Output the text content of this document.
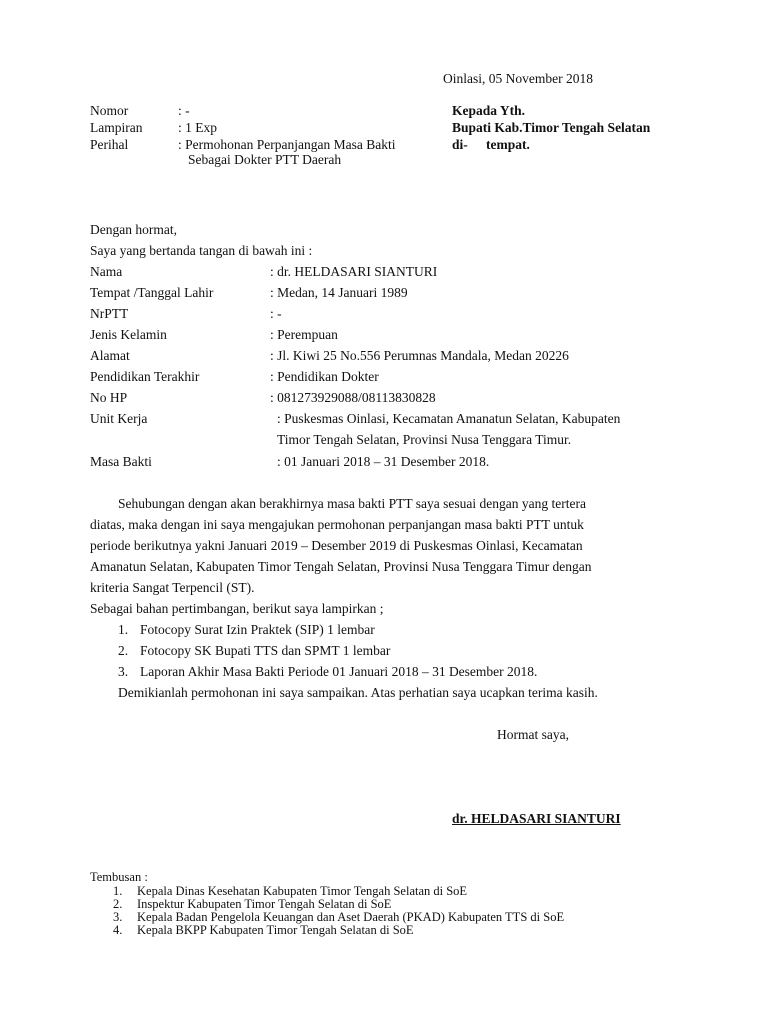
Oinlasi, 05 November 2018
Nomor	: -
Lampiran	: 1 Exp
Perihal	: Permohonan Perpanjangan Masa Bakti
Sebagai Dokter PTT Daerah
Kepada Yth.
Bupati Kab.Timor Tengah Selatan
di- tempat.
Dengan hormat,
Saya yang bertanda tangan di bawah ini :
Nama	: dr. HELDASARI SIANTURI
Tempat /Tanggal Lahir	: Medan, 14 Januari 1989
NrPTT	: -
Jenis Kelamin	: Perempuan
Alamat	: Jl. Kiwi 25 No.556 Perumnas Mandala, Medan 20226
Pendidikan Terakhir	: Pendidikan Dokter
No HP	: 081273929088/08113830828
Unit Kerja	: Puskesmas Oinlasi, Kecamatan Amanatun Selatan, Kabupaten
Timor Tengah Selatan, Provinsi Nusa Tenggara Timur.
Masa Bakti	: 01 Januari 2018 – 31 Desember 2018.
Sehubungan dengan akan berakhirnya masa bakti PTT saya sesuai dengan yang tertera
diatas, maka dengan ini saya mengajukan permohonan perpanjangan masa bakti PTT untuk
periode berikutnya yakni Januari 2019 – Desember 2019 di Puskesmas Oinlasi, Kecamatan
Amanatun Selatan, Kabupaten Timor Tengah Selatan, Provinsi Nusa Tenggara Timur dengan
kriteria Sangat Terpencil (ST).
Sebagai bahan pertimbangan, berikut saya lampirkan ;
1. Fotocopy Surat Izin Praktek (SIP) 1 lembar
2. Fotocopy SK Bupati TTS dan SPMT 1 lembar
3. Laporan Akhir Masa Bakti Periode 01 Januari 2018 – 31 Desember 2018.
Demikianlah permohonan ini saya sampaikan. Atas perhatian saya ucapkan terima kasih.
Hormat saya,
dr. HELDASARI SIANTURI
Tembusan :
1. Kepala Dinas Kesehatan Kabupaten Timor Tengah Selatan di SoE
2. Inspektur Kabupaten Timor Tengah Selatan di SoE
3. Kepala Badan Pengelola Keuangan dan Aset Daerah (PKAD) Kabupaten TTS di SoE
4. Kepala BKPP Kabupaten Timor Tengah Selatan di SoE
